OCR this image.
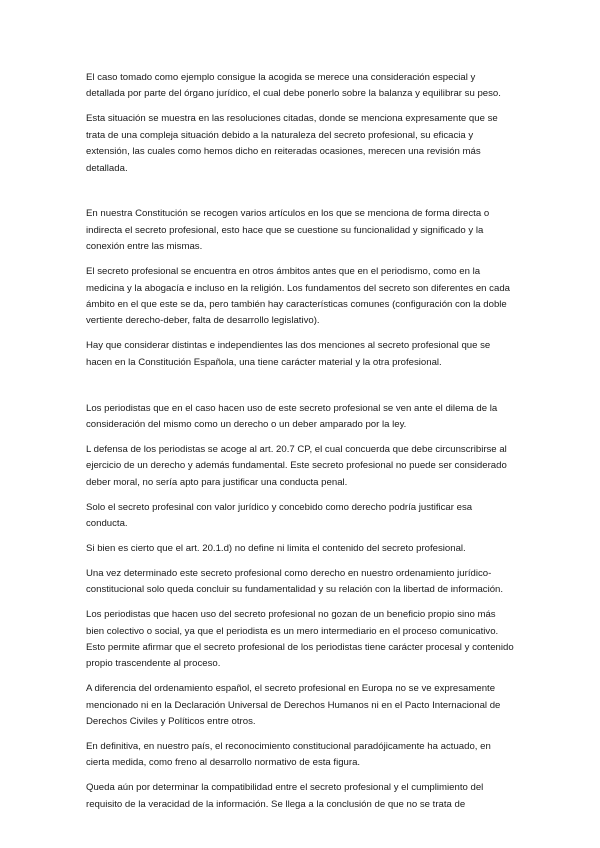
El caso tomado como ejemplo consigue la acogida se merece una consideración especial y detallada por parte del órgano jurídico, el cual debe ponerlo sobre la balanza y equilibrar su peso.

Esta situación se muestra en las resoluciones citadas, donde se menciona expresamente que se trata de una compleja situación debido a la naturaleza del secreto profesional, su eficacia y extensión, las cuales como hemos dicho en reiteradas ocasiones, merecen una revisión más detallada.

En nuestra Constitución se recogen varios artículos en los que se menciona de forma directa o indirecta el secreto profesional, esto hace que se cuestione su funcionalidad y significado y la conexión entre las mismas.

El secreto profesional se encuentra en otros ámbitos antes que en el periodismo, como en la medicina y la abogacía e incluso en la religión. Los fundamentos del secreto son diferentes en cada ámbito en el que este se da, pero también hay características comunes (configuración con la doble vertiente derecho-deber, falta de desarrollo legislativo).

Hay que considerar distintas e independientes las dos menciones al secreto profesional que se hacen en la Constitución Española, una tiene carácter material y la otra profesional.

Los periodistas que en el caso hacen uso de este secreto profesional se ven ante el dilema de la consideración del mismo como un derecho o un deber amparado por la ley.

L defensa de los periodistas se acoge al art. 20.7 CP, el cual concuerda que debe circunscribirse al ejercicio de un derecho y además fundamental. Este secreto profesional no puede ser considerado deber moral, no sería apto para justificar una conducta penal.

Solo el secreto profesinal con valor jurídico y concebido como derecho podría justificar esa conducta.

Si bien es cierto que el art. 20.1.d) no define ni limita el contenido del secreto profesional.

Una vez determinado este secreto profesional como derecho en nuestro ordenamiento jurídico-constitucional solo queda concluir su fundamentalidad y su relación con la libertad de información.

Los periodistas que hacen uso del secreto profesional no gozan de un beneficio propio sino más bien colectivo o social, ya que el periodista es un mero intermediario en el proceso comunicativo. Esto permite afirmar que el secreto profesional de los periodistas tiene carácter procesal y contenido propio trascendente al proceso.

A diferencia del ordenamiento español, el secreto profesional en Europa no se ve expresamente mencionado ni en la Declaración Universal de Derechos Humanos ni en el Pacto Internacional de Derechos Civiles y Políticos entre otros.

En definitiva, en nuestro país, el reconocimiento constitucional paradójicamente ha actuado, en cierta medida, como freno al desarrollo normativo de esta figura.

Queda aún por determinar la compatibilidad entre el secreto profesional y el cumplimiento del requisito de la veracidad de la información. Se llega a la conclusión de que no se trata de
